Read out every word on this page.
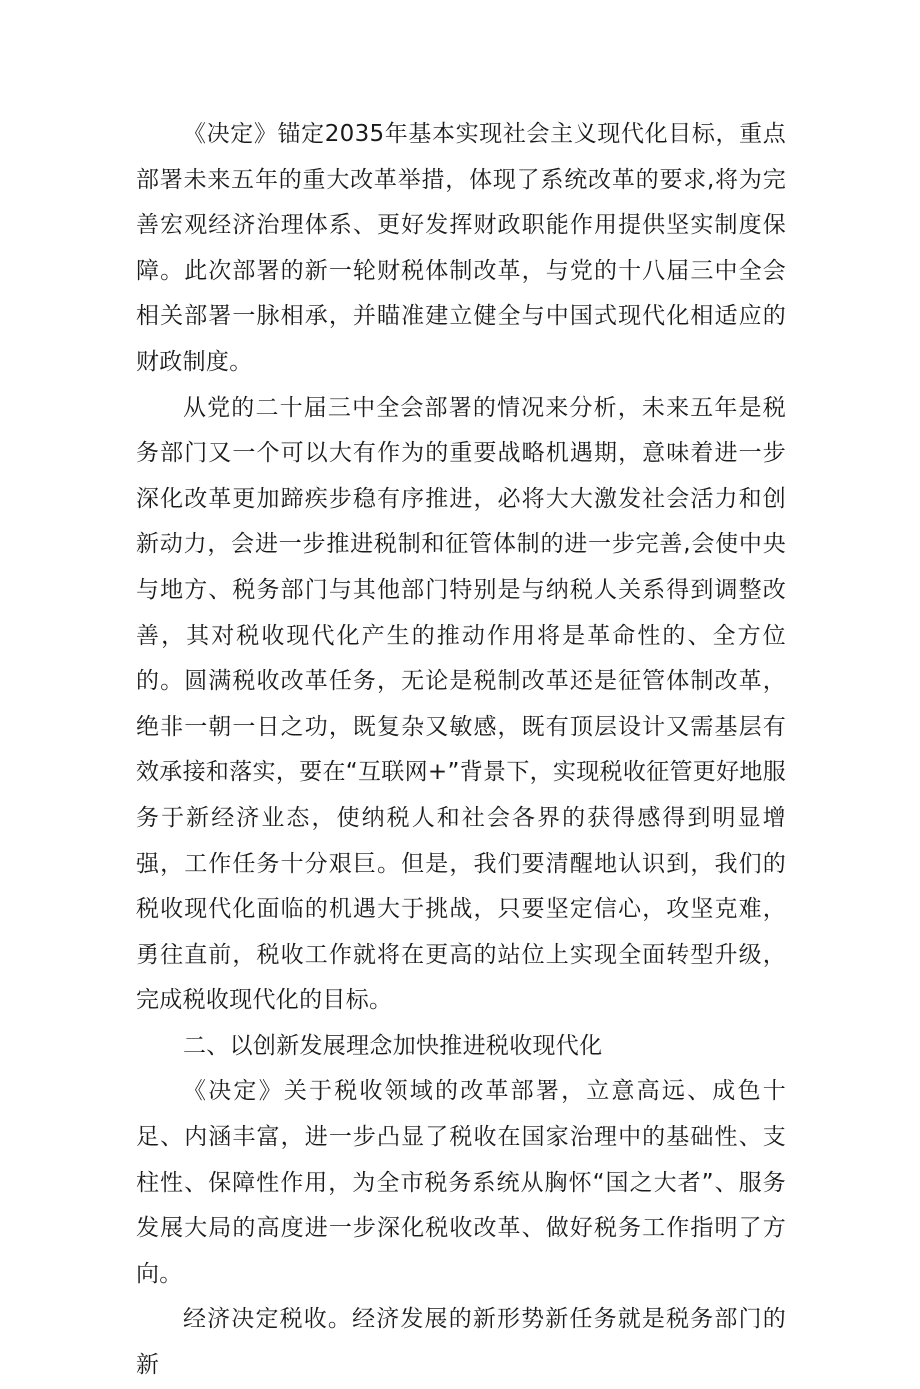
《决定》锚定2035年基本实现社会主义现代化目标，重点部署未来五年的重大改革举措，体现了系统改革的要求,将为完善宏观经济治理体系、更好发挥财政职能作用提供坚实制度保障。此次部署的新一轮财税体制改革，与党的十八届三中全会相关部署一脉相承，并瞄准建立健全与中国式现代化相适应的财政制度。

从党的二十届三中全会部署的情况来分析，未来五年是税务部门又一个可以大有作为的重要战略机遇期，意味着进一步深化改革更加蹄疾步稳有序推进，必将大大激发社会活力和创新动力，会进一步推进税制和征管体制的进一步完善,会使中央与地方、税务部门与其他部门特别是与纳税人关系得到调整改善，其对税收现代化产生的推动作用将是革命性的、全方位的。圆满税收改革任务，无论是税制改革还是征管体制改革，绝非一朝一日之功，既复杂又敏感，既有顶层设计又需基层有效承接和落实，要在“互联网+”背景下，实现税收征管更好地服务于新经济业态，使纳税人和社会各界的获得感得到明显增强，工作任务十分艰巨。但是，我们要清醒地认识到，我们的税收现代化面临的机遇大于挑战，只要坚定信心，攻坚克难，勇往直前，税收工作就将在更高的站位上实现全面转型升级，完成税收现代化的目标。

二、以创新发展理念加快推进税收现代化

《决定》关于税收领域的改革部署，立意高远、成色十足、内涵丰富，进一步凸显了税收在国家治理中的基础性、支柱性、保障性作用，为全市税务系统从胸怀“国之大者”、服务发展大局的高度进一步深化税收改革、做好税务工作指明了方向。

经济决定税收。经济发展的新形势新任务就是税务部门的新
